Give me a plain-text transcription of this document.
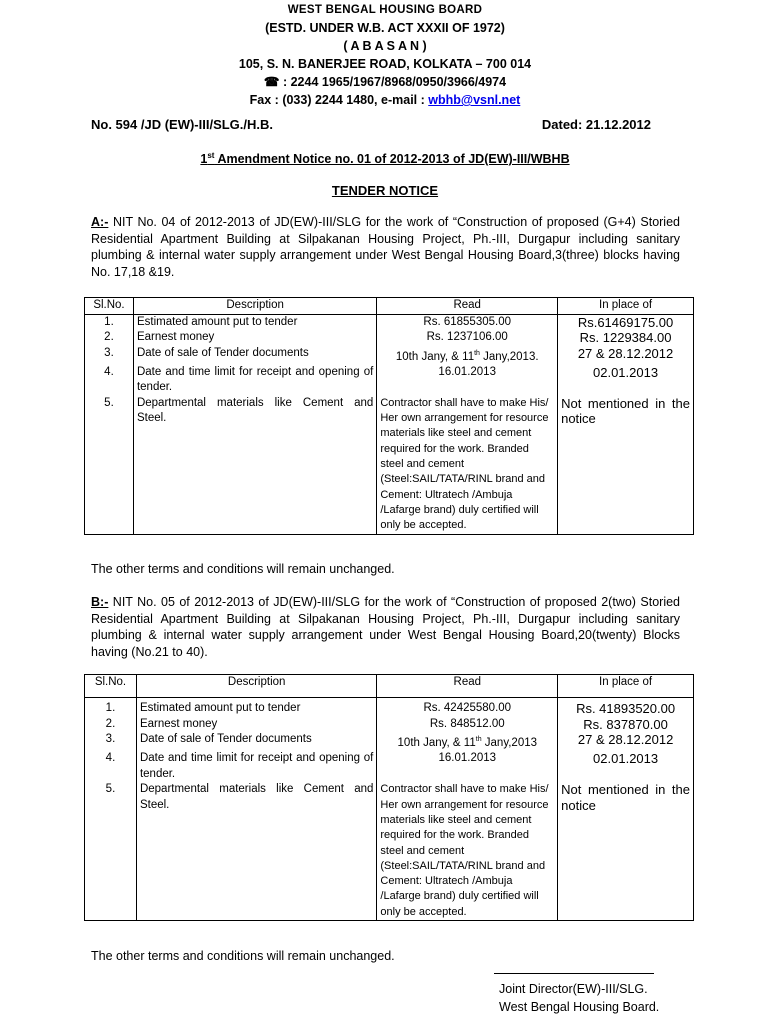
WEST BENGAL HOUSING BOARD
(ESTD. UNDER W.B. ACT XXXII OF 1972)
( A B A S A N )
105, S. N. BANERJEE ROAD, KOLKATA – 700 014
☎ : 2244 1965/1967/8968/0950/3966/4974
Fax : (033) 2244 1480, e-mail : wbhb@vsnl.net
No. 594 /JD (EW)-III/SLG./H.B.	Dated: 21.12.2012
1st Amendment Notice no. 01 of 2012-2013 of JD(EW)-III/WBHB
TENDER NOTICE
A:- NIT No. 04 of 2012-2013 of JD(EW)-III/SLG for the work of “Construction of proposed (G+4) Storied Residential Apartment Building at Silpakanan Housing Project, Ph.-III, Durgapur including sanitary plumbing & internal water supply arrangement under West Bengal Housing Board,3(three) blocks having No. 17,18 &19.
Sl.No.	Description	Read	In place of
1.	Estimated amount put to tender	Rs. 61855305.00	Rs.61469175.00
2.	Earnest money	Rs. 1237106.00	Rs. 1229384.00
3.	Date of sale of Tender documents	10th Jany, & 11th Jany,2013.	27 & 28.12.2012
4.	Date and time limit for receipt and opening of tender.	16.01.2013	02.01.2013
5.	Departmental materials like Cement and Steel.	Contractor shall have to make His/ Her own arrangement for resource materials like steel and cement required for the work. Branded steel and cement (Steel:SAIL/TATA/RINL brand and Cement: Ultratech /Ambuja /Lafarge brand) duly certified will only be accepted.	Not mentioned in the notice
The other terms and conditions will remain unchanged.
B:- NIT No. 05 of 2012-2013 of JD(EW)-III/SLG for the work of “Construction of proposed 2(two) Storied Residential Apartment Building at Silpakanan Housing Project, Ph.-III, Durgapur including sanitary plumbing & internal water supply arrangement under West Bengal Housing Board,20(twenty) Blocks having (No.21 to 40).
Sl.No.	Description	Read	In place of
1.	Estimated amount put to tender	Rs. 42425580.00	Rs. 41893520.00
2.	Earnest money	Rs. 848512.00	Rs. 837870.00
3.	Date of sale of Tender documents	10th Jany, & 11th Jany,2013	27 & 28.12.2012
4.	Date and time limit for receipt and opening of tender.	16.01.2013	02.01.2013
5.	Departmental materials like Cement and Steel.	Contractor shall have to make His/ Her own arrangement for resource materials like steel and cement required for the work. Branded steel and cement (Steel:SAIL/TATA/RINL brand and Cement: Ultratech /Ambuja /Lafarge brand) duly certified will only be accepted.	Not mentioned in the notice
The other terms and conditions will remain unchanged.
Joint Director(EW)-III/SLG.
West Bengal Housing Board.
